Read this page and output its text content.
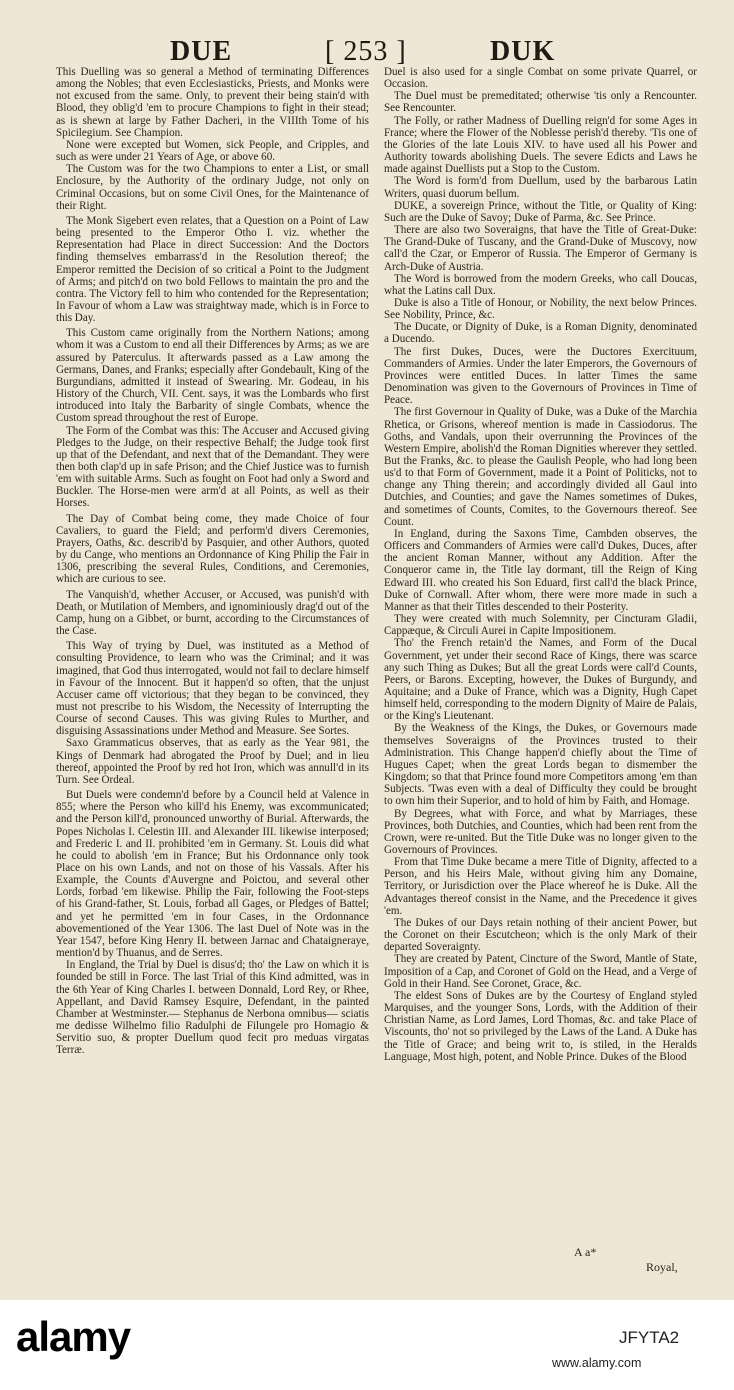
DUE	[ 253 ]	DUK

This Duelling was so general a Method of terminating Differences among the Nobles; that even Ecclesiasticks, Priests, and Monks were not excused from the same. Only, to prevent their being stain'd with Blood, they oblig'd 'em to procure Champions to fight in their stead; as is shewn at large by Father Dacheri, in the VIIIth Tome of his Spicilegium. See Champion.

None were excepted but Women, sick People, and Cripples, and such as were under 21 Years of Age, or above 60.

The Custom was for the two Champions to enter a List, or small Enclosure, by the Authority of the ordinary Judge, not only on Criminal Occasions, but on some Civil Ones, for the Maintenance of their Right.

The Monk Sigebert even relates, that a Question on a Point of Law being presented to the Emperor Otho I. viz. whether the Representation had Place in direct Succession: And the Doctors finding themselves embarrass'd in the Resolution thereof; the Emperor remitted the Decision of so critical a Point to the Judgment of Arms; and pitch'd on two bold Fellows to maintain the pro and the contra. The Victory fell to him who contended for the Representation; In Favour of whom a Law was straightway made, which is in Force to this Day.

This Custom came originally from the Northern Nations; among whom it was a Custom to end all their Differences by Arms; as we are assured by Paterculus. It afterwards passed as a Law among the Germans, Danes, and Franks; especially after Gondebault, King of the Burgundians, admitted it instead of Swearing. Mr. Godeau, in his History of the Church, VII. Cent. says, it was the Lombards who first introduced into Italy the Barbarity of single Combats, whence the Custom spread throughout the rest of Europe.

The Form of the Combat was this: The Accuser and Accused giving Pledges to the Judge, on their respective Behalf; the Judge took first up that of the Defendant, and next that of the Demandant. They were then both clap'd up in safe Prison; and the Chief Justice was to furnish 'em with suitable Arms. Such as fought on Foot had only a Sword and Buckler. The Horse-men were arm'd at all Points, as well as their Horses.

The Day of Combat being come, they made Choice of four Cavaliers, to guard the Field; and perform'd divers Ceremonies, Prayers, Oaths, &c. describ'd by Pasquier, and other Authors, quoted by du Cange, who mentions an Ordonnance of King Philip the Fair in 1306, prescribing the several Rules, Conditions, and Ceremonies, which are curious to see.

The Vanquish'd, whether Accuser, or Accused, was punish'd with Death, or Mutilation of Members, and ignominiously drag'd out of the Camp, hung on a Gibbet, or burnt, according to the Circumstances of the Case.

This Way of trying by Duel, was instituted as a Method of consulting Providence, to learn who was the Criminal; and it was imagined, that God thus interrogated, would not fail to declare himself in Favour of the Innocent. But it happen'd so often, that the unjust Accuser came off victorious; that they began to be convinced, they must not prescribe to his Wisdom, the Necessity of Interrupting the Course of second Causes. This was giving Rules to Murther, and disguising Assassinations under Method and Measure. See Sortes.

Saxo Grammaticus observes, that as early as the Year 981, the Kings of Denmark had abrogated the Proof by Duel; and in lieu thereof, appointed the Proof by red hot Iron, which was annull'd in its Turn. See Ordeal.

But Duels were condemn'd before by a Council held at Valence in 855; where the Person who kill'd his Enemy, was excommunicated; and the Person kill'd, pronounced unworthy of Burial. Afterwards, the Popes Nicholas I. Celestin III. and Alexander III. likewise interposed; and Frederic I. and II. prohibited 'em in Germany. St. Louis did what he could to abolish 'em in France; But his Ordonnance only took Place on his own Lands, and not on those of his Vassals. After his Example, the Counts d'Auvergne and Poictou, and several other Lords, forbad 'em likewise. Philip the Fair, following the Foot-steps of his Grand-father, St. Louis, forbad all Gages, or Pledges of Battel; and yet he permitted 'em in four Cases, in the Ordonnance abovementioned of the Year 1306. The last Duel of Note was in the Year 1547, before King Henry II. between Jarnac and Chataigneraye, mention'd by Thuanus, and de Serres.

In England, the Trial by Duel is disus'd; tho' the Law on which it is founded be still in Force. The last Trial of this Kind admitted, was in the 6th Year of King Charles I. between Donnald, Lord Rey, or Rhee, Appellant, and David Ramsey Esquire, Defendant, in the painted Chamber at Westminster.— Stephanus de Nerbona omnibus— sciatis me dedisse Wilhelmo filio Radulphi de Filungele pro Homagio & Servitio suo, & propter Duellum quod fecit pro meduas virgatas Terræ.

Duel is also used for a single Combat on some private Quarrel, or Occasion.

The Duel must be premeditated; otherwise 'tis only a Rencounter. See Rencounter.

The Folly, or rather Madness of Duelling reign'd for some Ages in France; where the Flower of the Noblesse perish'd thereby. 'Tis one of the Glories of the late Louis XIV. to have used all his Power and Authority towards abolishing Duels. The severe Edicts and Laws he made against Duellists put a Stop to the Custom.

The Word is form'd from Duellum, used by the barbarous Latin Writers, quasi duorum bellum.

DUKE, a sovereign Prince, without the Title, or Quality of King: Such are the Duke of Savoy; Duke of Parma, &c. See Prince.

There are also two Soveraigns, that have the Title of Great-Duke: The Grand-Duke of Tuscany, and the Grand-Duke of Muscovy, now call'd the Czar, or Emperor of Russia. The Emperor of Germany is Arch-Duke of Austria.

The Word is borrowed from the modern Greeks, who call Doucas, what the Latins call Dux.

Duke is also a Title of Honour, or Nobility, the next below Princes. See Nobility, Prince, &c.

The Ducate, or Dignity of Duke, is a Roman Dignity, denominated a Ducendo.

The first Dukes, Duces, were the Ductores Exercituum, Commanders of Armies. Under the later Emperors, the Governours of Provinces were entitled Duces. In latter Times the same Denomination was given to the Governours of Provinces in Time of Peace.

The first Governour in Quality of Duke, was a Duke of the Marchia Rhetica, or Grisons, whereof mention is made in Cassiodorus. The Goths, and Vandals, upon their overrunning the Provinces of the Western Empire, abolish'd the Roman Dignities wherever they settled. But the Franks, &c. to please the Gaulish People, who had long been us'd to that Form of Government, made it a Point of Politicks, not to change any Thing therein; and accordingly divided all Gaul into Dutchies, and Counties; and gave the Names sometimes of Dukes, and sometimes of Counts, Comites, to the Governours thereof. See Count.

In England, during the Saxons Time, Cambden observes, the Officers and Commanders of Armies were call'd Dukes, Duces, after the ancient Roman Manner, without any Addition. After the Conqueror came in, the Title lay dormant, till the Reign of King Edward III. who created his Son Eduard, first call'd the black Prince, Duke of Cornwall. After whom, there were more made in such a Manner as that their Titles descended to their Posterity.

They were created with much Solemnity, per Cincturam Gladii, Cappæque, & Circuli Aurei in Capite Impositionem.

Tho' the French retain'd the Names, and Form of the Ducal Government, yet under their second Race of Kings, there was scarce any such Thing as Dukes; But all the great Lords were call'd Counts, Peers, or Barons. Excepting, however, the Dukes of Burgundy, and Aquitaine; and a Duke of France, which was a Dignity, Hugh Capet himself held, corresponding to the modern Dignity of Maire de Palais, or the King's Lieutenant.

By the Weakness of the Kings, the Dukes, or Governours made themselves Soveraigns of the Provinces trusted to their Administration. This Change happen'd chiefly about the Time of Hugues Capet; when the great Lords began to dismember the Kingdom; so that that Prince found more Competitors among 'em than Subjects. 'Twas even with a deal of Difficulty they could be brought to own him their Superior, and to hold of him by Faith, and Homage.

By Degrees, what with Force, and what by Marriages, these Provinces, both Dutchies, and Counties, which had been rent from the Crown, were re-united. But the Title Duke was no longer given to the Governours of Provinces.

From that Time Duke became a mere Title of Dignity, affected to a Person, and his Heirs Male, without giving him any Domaine, Territory, or Jurisdiction over the Place whereof he is Duke. All the Advantages thereof consist in the Name, and the Precedence it gives 'em.

The Dukes of our Days retain nothing of their ancient Power, but the Coronet on their Escutcheon; which is the only Mark of their departed Soveraignty.

They are created by Patent, Cincture of the Sword, Mantle of State, Imposition of a Cap, and Coronet of Gold on the Head, and a Verge of Gold in their Hand. See Coronet, Grace, &c.

The eldest Sons of Dukes are by the Courtesy of England styled Marquises, and the younger Sons, Lords, with the Addition of their Christian Name, as Lord James, Lord Thomas, &c. and take Place of Viscounts, tho' not so privileged by the Laws of the Land. A Duke has the Title of Grace; and being writ to, is stiled, in the Heralds Language, Most high, potent, and Noble Prince. Dukes of the Blood

A a*
Royal,
alamy	JFYTA2
www.alamy.com
